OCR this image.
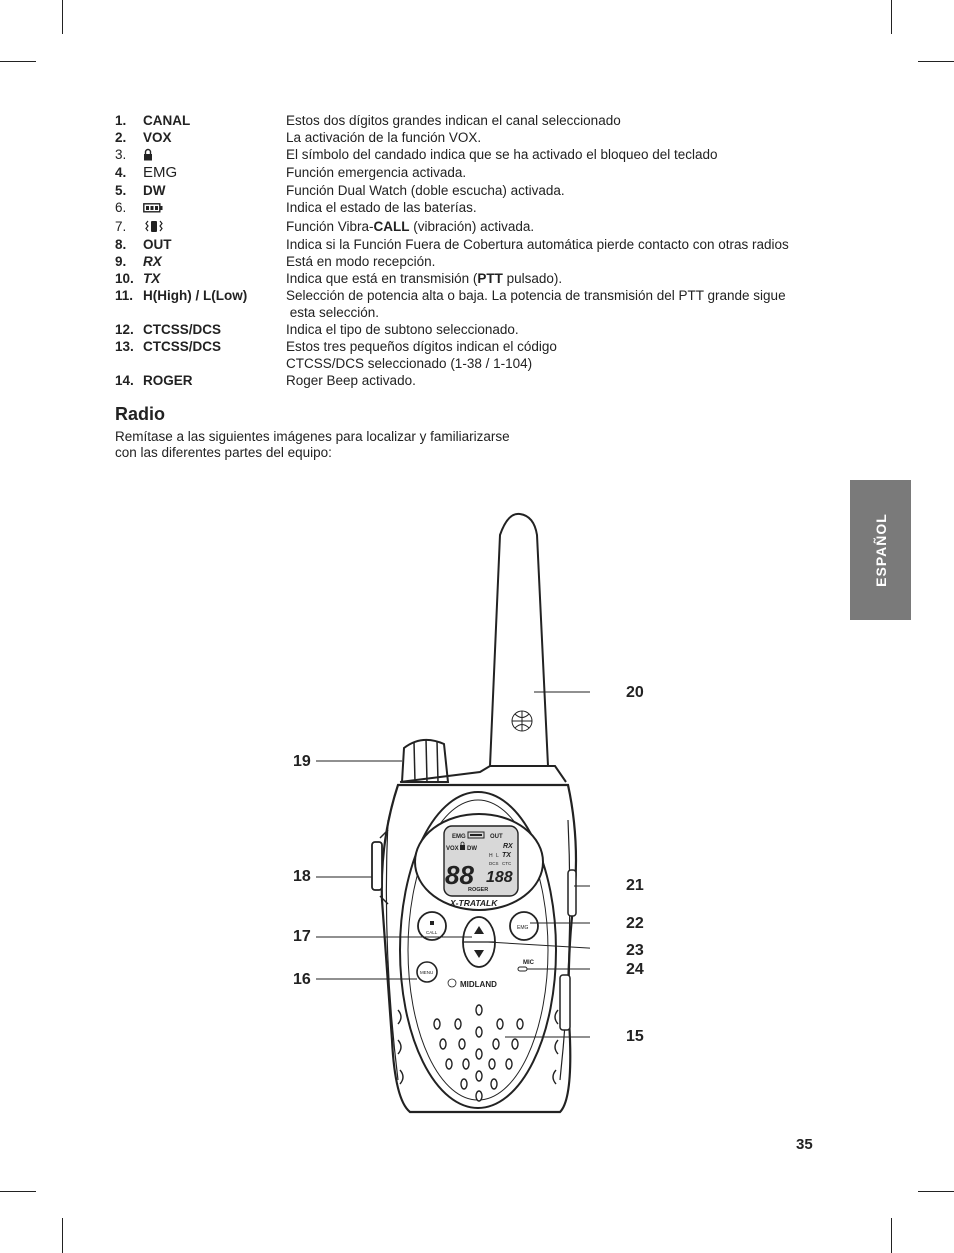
1.	CANAL	Estos dos dígitos grandes indican el canal seleccionado
2.	VOX	La activación de la función VOX.
3.	El símbolo del candado indica que se ha activado el bloqueo del teclado
4.	EMG	Función emergencia activada.
5.	DW	Función Dual Watch (doble escucha) activada.
6.	Indica el estado de las baterías.
7.	Función Vibra-CALL (vibración) activada.
8.	OUT	Indica si la Función Fuera de Cobertura automática pierde contacto con otras radios
9.	RX	Está en modo recepción.
10. TX	Indica que está en transmisión (PTT pulsado).
11. H(High) / L(Low)	Selección de potencia alta o baja. La potencia de transmisión del PTT grande sigue
esta selección.
12. CTCSS/DCS	Indica el tipo de subtono seleccionado.
13. CTCSS/DCS	Estos tres pequeños dígitos indican el código
CTCSS/DCS seleccionado (1-38 / 1-104)
14. ROGER	Roger Beep activado.
Radio

Remítase a las siguientes imágenes para localizar y familiarizarse
con las diferentes partes del equipo:

ESPAÑOL
EMG	OUT
VOX DW	RX
TX
H L
DCS CTC
88 188
ROGER
X-TRATALK
CALL
EMG
MENU
MIC
MIDLAND
20
19
18
21
17
22
23
24
16
15
35
